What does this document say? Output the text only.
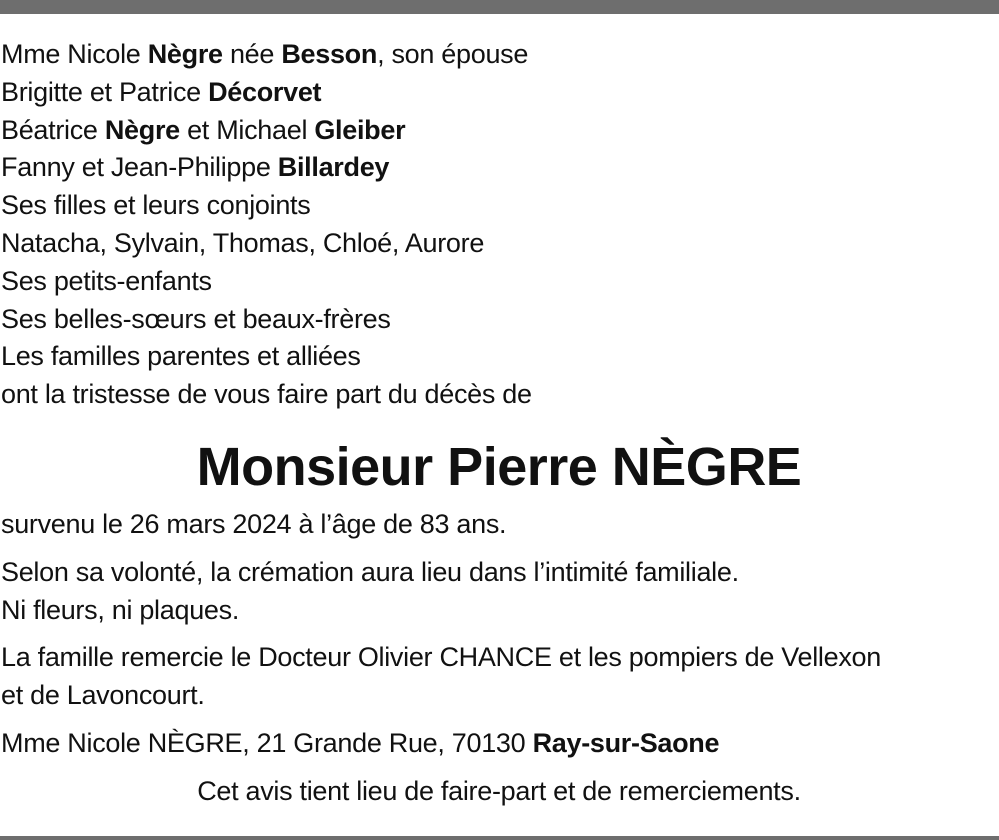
Mme Nicole Nègre née Besson, son épouse
Brigitte et Patrice Décorvet
Béatrice Nègre et Michael Gleiber
Fanny et Jean-Philippe Billardey
Ses filles et leurs conjoints
Natacha, Sylvain, Thomas, Chloé, Aurore
Ses petits-enfants
Ses belles-sœurs et beaux-frères
Les familles parentes et alliées
ont la tristesse de vous faire part du décès de
Monsieur Pierre NÈGRE
survenu le 26 mars 2024 à l’âge de 83 ans.
Selon sa volonté, la crémation aura lieu dans l’intimité familiale.
Ni fleurs, ni plaques.
La famille remercie le Docteur Olivier CHANCE et les pompiers de Vellexon
et de Lavoncourt.
Mme Nicole NÈGRE, 21 Grande Rue, 70130 Ray-sur-Saone
Cet avis tient lieu de faire-part et de remerciements.
